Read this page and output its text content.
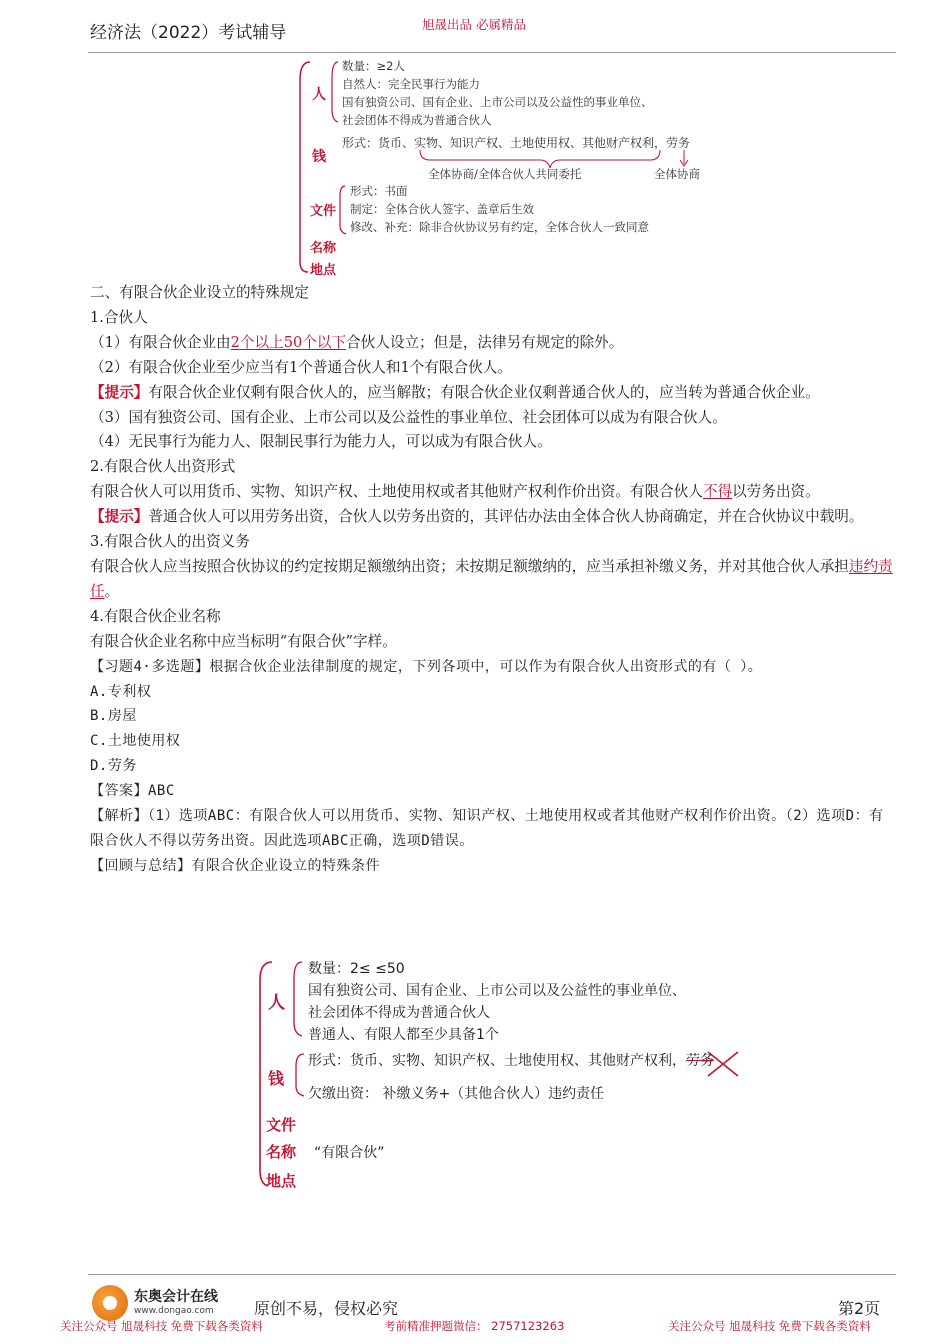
经济法（2022）考试辅导	旭晟出品 必属精品
人
数量：≥2人
自然人：完全民事行为能力
国有独资公司、国有企业、上市公司以及公益性的事业单位、
社会团体不得成为普通合伙人
钱
形式：货币、实物、知识产权、土地使用权、其他财产权利，劳务
全体协商/全体合伙人共同委托	全体协商
文件
形式：书面
制定：全体合伙人签字、盖章后生效
修改、补充：除非合伙协议另有约定，全体合伙人一致同意
名称
地点

二、有限合伙企业设立的特殊规定

1.合伙人

（1）有限合伙企业由2个以上50个以下合伙人设立；但是，法律另有规定的除外。

（2）有限合伙企业至少应当有1个普通合伙人和1个有限合伙人。

【提示】有限合伙企业仅剩有限合伙人的，应当解散；有限合伙企业仅剩普通合伙人的，应当转为普通合伙企业。

（3）国有独资公司、国有企业、上市公司以及公益性的事业单位、社会团体可以成为有限合伙人。

（4）无民事行为能力人、限制民事行为能力人，可以成为有限合伙人。

2.有限合伙人出资形式

有限合伙人可以用货币、实物、知识产权、土地使用权或者其他财产权利作价出资。有限合伙人不得以劳务出资。

【提示】普通合伙人可以用劳务出资，合伙人以劳务出资的，其评估办法由全体合伙人协商确定，并在合伙协议中载明。

3.有限合伙人的出资义务

有限合伙人应当按照合伙协议的约定按期足额缴纳出资；未按期足额缴纳的，应当承担补缴义务，并对其他合伙人承担违约责任。

4.有限合伙企业名称

有限合伙企业名称中应当标明“有限合伙”字样。

【习题4·多选题】根据合伙企业法律制度的规定，下列各项中，可以作为有限合伙人出资形式的有（ ）。

A.专利权

B.房屋

C.土地使用权

D.劳务

【答案】ABC

【解析】（1）选项ABC：有限合伙人可以用货币、实物、知识产权、土地使用权或者其他财产权利作价出资。（2）选项D：有限合伙人不得以劳务出资。因此选项ABC正确，选项D错误。

【回顾与总结】有限合伙企业设立的特殊条件

人
数量：2≤ ≤50
国有独资公司、国有企业、上市公司以及公益性的事业单位、
社会团体不得成为普通合伙人
普通人、有限人都至少具备1个
钱
形式：货币、实物、知识产权、土地使用权、其他财产权利，劳务
欠缴出资： 补缴义务+（其他合伙人）违约责任
文件
名称 “有限合伙”
地点
东奥会计在线
www.dongao.com	原创不易，侵权必究	第2页
关注公众号 旭晟科技 免费下载各类资料	考前精准押题微信： 2757123263	关注公众号 旭晟科技 免费下载各类资料
